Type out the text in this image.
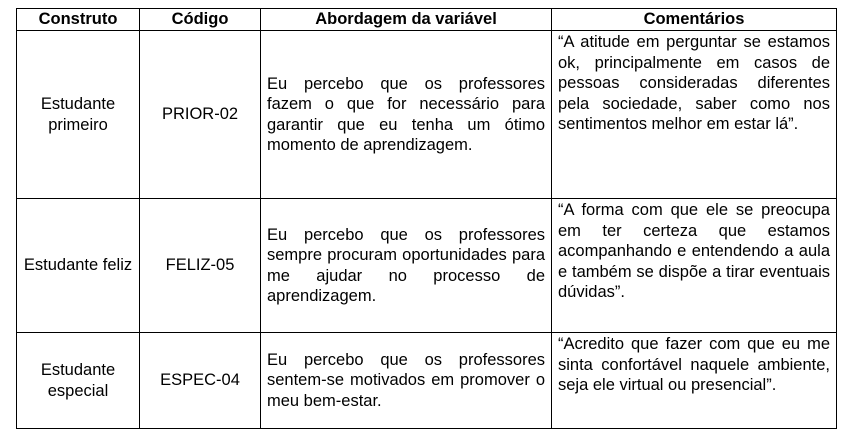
Construto	Código	Abordagem da variável	Comentários
Estudante primeiro	PRIOR-02	Eu percebo que os professores fazem o que for necessário para garantir que eu tenha um ótimo momento de aprendizagem.	“A atitude em perguntar se estamos ok, principalmente em casos de pessoas consideradas diferentes pela sociedade, saber como nos sentimentos melhor em estar lá”.
Estudante feliz	FELIZ-05	Eu percebo que os professores sempre procuram oportunidades para me ajudar no processo de aprendizagem.	“A forma com que ele se preocupa em ter certeza que estamos acompanhando e entendendo a aula e também se dispõe a tirar eventuais dúvidas”.
Estudante especial	ESPEC-04	Eu percebo que os professores sentem-se motivados em promover o meu bem-estar.	“Acredito que fazer com que eu me sinta confortável naquele ambiente, seja ele virtual ou presencial”.
